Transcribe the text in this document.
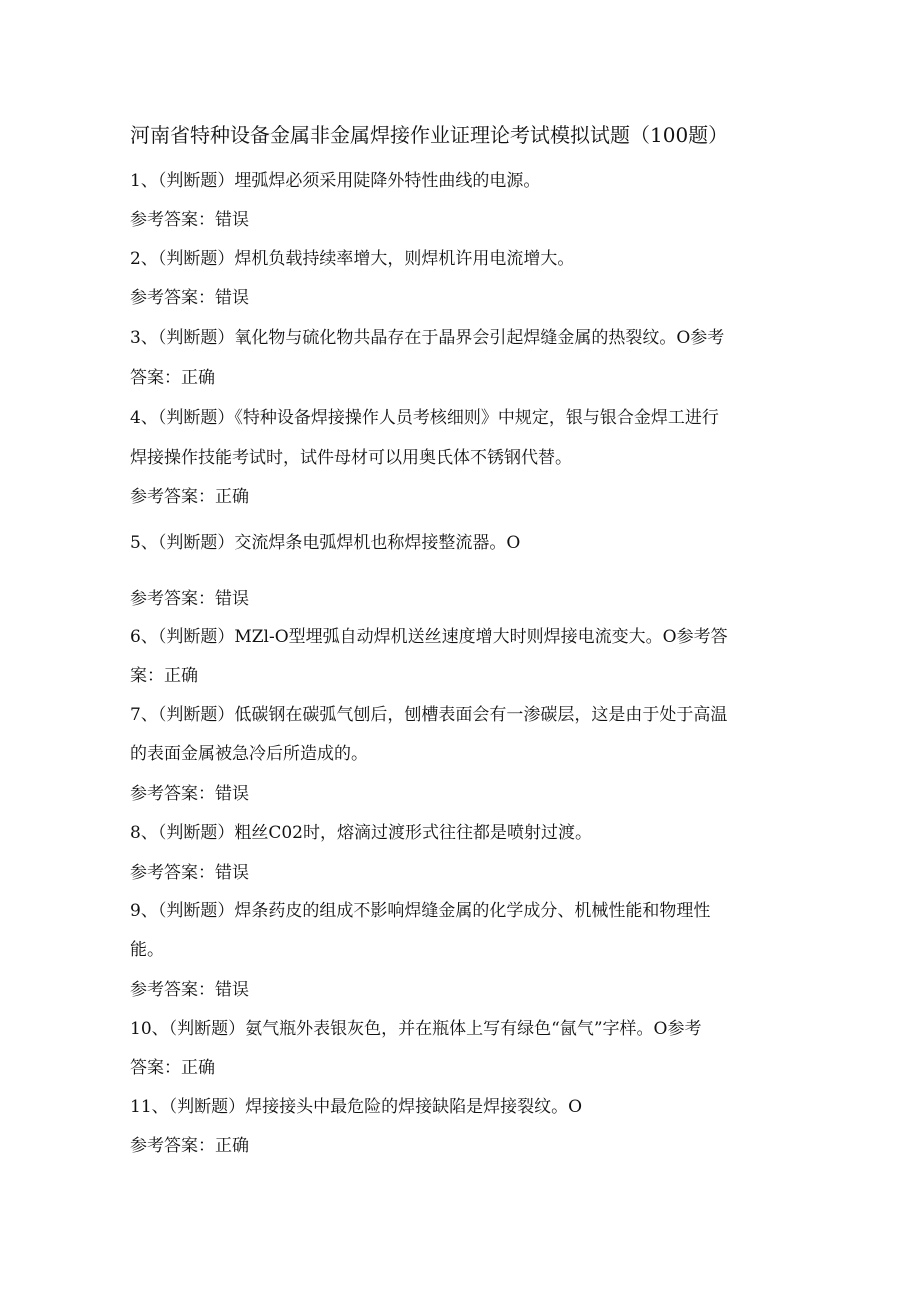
河南省特种设备金属非金属焊接作业证理论考试模拟试题（100题）
1、（判断题）埋弧焊必须采用陡降外特性曲线的电源。
参考答案：错误
2、（判断题）焊机负载持续率增大，则焊机许用电流增大。
参考答案：错误
3、（判断题）氧化物与硫化物共晶存在于晶界会引起焊缝金属的热裂纹。O参考
答案：正确
4、（判断题）《特种设备焊接操作人员考核细则》中规定，银与银合金焊工进行
焊接操作技能考试时，试件母材可以用奥氏体不锈钢代替。
参考答案：正确
5、（判断题）交流焊条电弧焊机也称焊接整流器。O
参考答案：错误
6、（判断题）MZl-O型埋弧自动焊机送丝速度增大时则焊接电流变大。O参考答
案：正确
7、（判断题）低碳钢在碳弧气刨后，刨槽表面会有一渗碳层，这是由于处于高温
的表面金属被急冷后所造成的。
参考答案：错误
8、（判断题）粗丝C02时，熔滴过渡形式往往都是喷射过渡。
参考答案：错误
9、（判断题）焊条药皮的组成不影响焊缝金属的化学成分、机械性能和物理性
能。
参考答案：错误
10、（判断题）氨气瓶外表银灰色，并在瓶体上写有绿色“氤气”字样。O参考
答案：正确
11、（判断题）焊接接头中最危险的焊接缺陷是焊接裂纹。O
参考答案：正确
